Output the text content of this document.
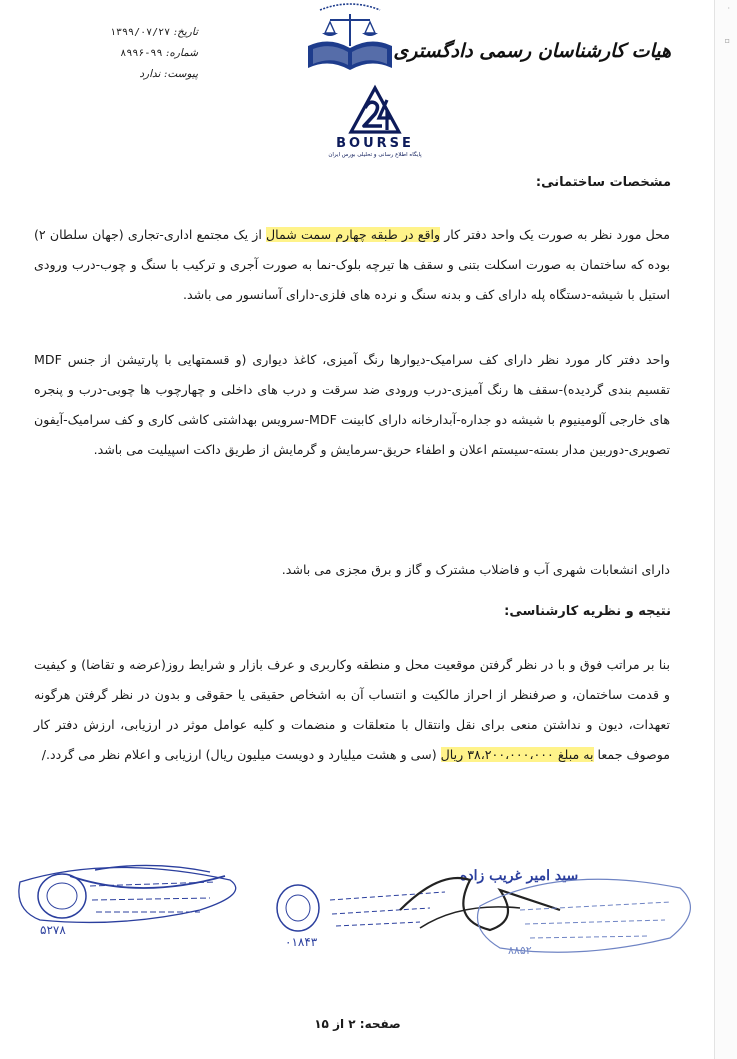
·
▫
هیات کارشناسان رسمی دادگستری
تاریخ: ۱۳۹۹/۰۷/۲۷
شماره: ۹۹-۸۹۹۶
پیوست: ندارد
BOURSE
پایگاه اطلاع رسانی و تحلیلی بورس ایران
مشخصات ساختمانی:
محل مورد نظر به صورت یک واحد دفتر کار واقع در طبقه چهارم سمت شمال از یک مجتمع اداری-تجاری (جهان سلطان ۲) بوده که ساختمان به صورت اسکلت بتنی و سقف ها تیرچه بلوک-نما به صورت آجری و ترکیب با سنگ و چوب-درب ورودی استیل با شیشه-دستگاه پله دارای کف و بدنه سنگ و نرده های فلزی-دارای آسانسور می باشد.
واحد دفتر کار مورد نظر دارای کف سرامیک-دیوارها رنگ آمیزی، کاغذ دیواری (و قسمتهایی با پارتیشن از جنس MDF تقسیم بندی گردیده)-سقف ها رنگ آمیزی-درب ورودی ضد سرقت و درب های داخلی و چهارچوب ها چوبی-درب و پنجره های خارجی آلومینیوم با شیشه دو جداره-آبدارخانه دارای کابینت MDF-سرویس بهداشتی کاشی کاری و کف سرامیک-آیفون تصویری-دوربین مدار بسته-سیستم اعلان و اطفاء حریق-سرمایش و گرمایش از طریق داکت اسپیلیت می باشد.
دارای انشعابات شهری آب و فاضلاب مشترک و گاز و برق مجزی می باشد.
نتیجه و نظریه کارشناسی:
بنا بر مراتب فوق و با در نظر گرفتن موقعیت محل و منطقه وکاربری و عرف بازار و شرایط روز(عرضه و تقاضا) و کیفیت و قدمت ساختمان، و صرفنظر از احراز مالکیت و انتساب آن به اشخاص حقیقی یا حقوقی و بدون در نظر گرفتن هرگونه تعهدات، دیون و نداشتن منعی برای نقل وانتقال با متعلقات و منضمات و کلیه عوامل موثر در ارزیابی، ارزش دفتر کار موصوف جمعا به مبلغ ۳۸،۲۰۰،۰۰۰،۰۰۰ ریال (سی و هشت میلیارد و دویست میلیون ریال) ارزیابی و اعلام نظر می گردد./
۵۲۷۸
سید امیر غریب زاده
۰۱۸۴۳
۸۸۵۲
صفحه: ۲ از ۱۵
